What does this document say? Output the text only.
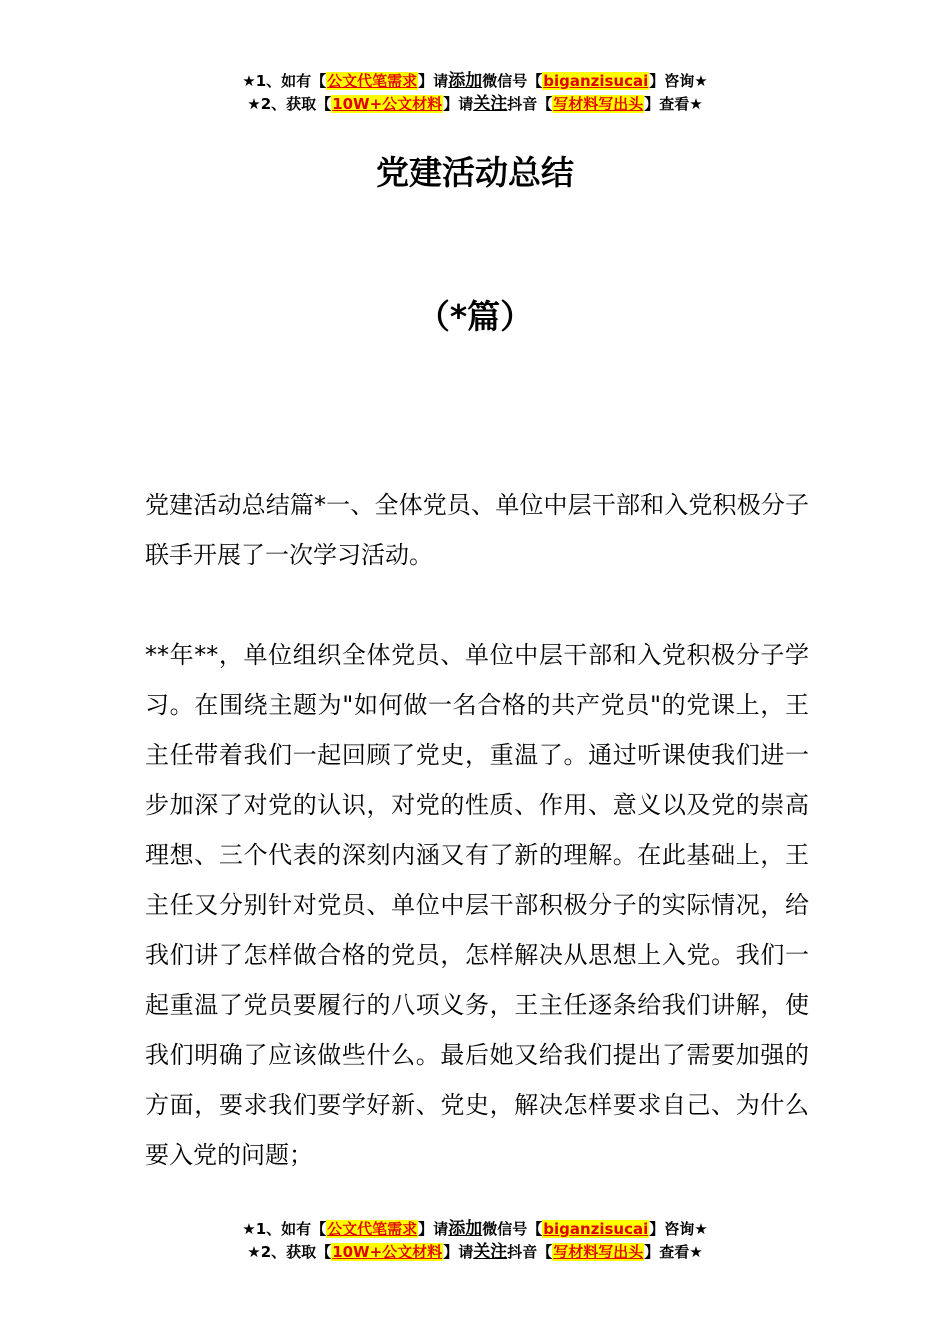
★1、如有【公文代笔需求】请添加微信号【biganzisucai】咨询★
★2、获取【10W+公文材料】请关注抖音【写材料写出头】查看★
党建活动总结
（*篇）

党建活动总结篇*一、全体党员、单位中层干部和入党积极分子联手开展了一次学习活动。

**年**，单位组织全体党员、单位中层干部和入党积极分子学习。在围绕主题为"如何做一名合格的共产党员"的党课上，王主任带着我们一起回顾了党史，重温了。通过听课使我们进一步加深了对党的认识，对党的性质、作用、意义以及党的崇高理想、三个代表的深刻内涵又有了新的理解。在此基础上，王主任又分别针对党员、单位中层干部积极分子的实际情况，给我们讲了怎样做合格的党员，怎样解决从思想上入党。我们一起重温了党员要履行的八项义务，王主任逐条给我们讲解，使我们明确了应该做些什么。最后她又给我们提出了需要加强的方面，要求我们要学好新、党史，解决怎样要求自己、为什么要入党的问题；

★1、如有【公文代笔需求】请添加微信号【biganzisucai】咨询★
★2、获取【10W+公文材料】请关注抖音【写材料写出头】查看★
